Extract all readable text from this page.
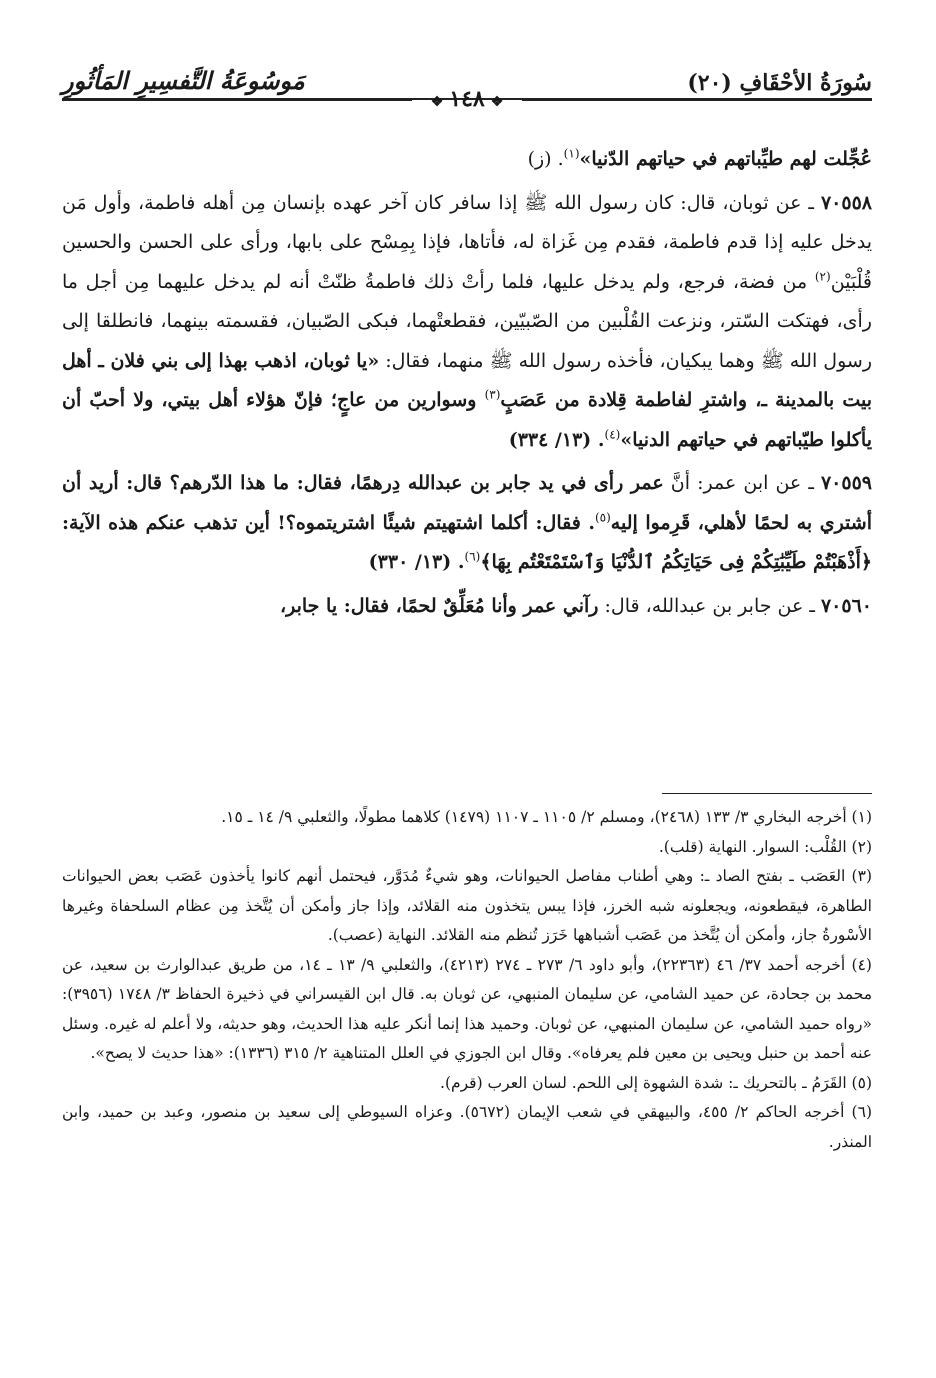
سُورَةُ الأحْقَافِ (٢٠)
مَوسُوعَةُ التَّفسِيرِ المَأثُورِ
❖١٤٨❖

عُجِّلت لهم طيِّباتهم في حياتهم الدّنيا»$^{(١)}$. (ز)

٧٠٥٥٨ ـ عن ثوبان، قال: كان رسول الله ﷺ إذا سافر كان آخر عهده بإنسان مِن أهله فاطمة، وأول مَن يدخل عليه إذا قدم فاطمة، فقدم مِن غَزاة له، فأتاها، فإذا بِمِسْح على بابها، ورأى على الحسن والحسين قُلْبَيْن$^{(٢)}$ من فضة، فرجع، ولم يدخل عليها، فلما رأتْ ذلك فاطمةُ ظنّتْ أنه لم يدخل عليهما مِن أجل ما رأى، فهتكت السّتر، ونزعت القُلْبين من الصّبيّين، فقطعتْهما، فبكى الصّبيان، فقسمته بينهما، فانطلقا إلى رسول الله ﷺ وهما يبكيان، فأخذه رسول الله ﷺ منهما، فقال: «يا ثوبان، اذهب بهذا إلى بني فلان ـ أهل بيت بالمدينة ـ، واشترِ لفاطمة قِلادة من عَصَبٍ$^{(٣)}$ وسوارين من عاجٍ؛ فإنّ هؤلاء أهل بيتي، ولا أحبّ أن يأكلوا طيّباتهم في حياتهم الدنيا»$^{(٤)}$. (١٣/ ٣٣٤)

٧٠٥٥٩ ـ عن ابن عمر: أنَّ عمر رأى في يد جابر بن عبدالله دِرهمًا، فقال: ما هذا الدّرهم؟ قال: أريد أن أشتري به لحمًا لأهلي، قَرِموا إليه$^{(٥)}$. فقال: أكلما اشتهيتم شيئًا اشتريتموه؟! أين تذهب عنكم هذه الآية: ﴿أَذْهَبْتُمْ طَيِّبَٰتِكُمْ فِى حَيَاتِكُمُ ٱلدُّنْيَا وَٱسْتَمْتَعْتُم بِهَا﴾$^{(٦)}$. (١٣/ ٣٣٠)

٧٠٥٦٠ ـ عن جابر بن عبدالله، قال: رآني عمر وأنا مُعَلِّقٌ لحمًا، فقال: يا جابر،

(١) أخرجه البخاري ٣/ ١٣٣ (٢٤٦٨)، ومسلم ٢/ ١١٠٥ ـ ١١٠٧ (١٤٧٩) كلاهما مطولًا، والثعلبي ٩/ ١٤ ـ ١٥.

(٢) القُلْب: السوار. النهاية (قلب).

(٣) العَصَب ـ بفتح الصاد ـ: وهي أطناب مفاصل الحيوانات، وهو شيءٌ مُدَوَّر، فيحتمل أنهم كانوا يأخذون عَصَب بعض الحيوانات الطاهرة، فيقطعونه، ويجعلونه شبه الخرز، فإذا يبس يتخذون منه القلائد، وإذا جاز وأمكن أن يُتَّخذ مِن عظام السلحفاة وغيرها الأسْورةُ جاز، وأمكن أن يُتَّخذ من عَصَب أشباهها خَرَز تُنظم منه القلائد. النهاية (عصب).

(٤) أخرجه أحمد ٣٧/ ٤٦ (٢٢٣٦٣)، وأبو داود ٦/ ٢٧٣ ـ ٢٧٤ (٤٢١٣)، والثعلبي ٩/ ١٣ ـ ١٤، من طريق عبدالوارث بن سعيد، عن محمد بن جحادة، عن حميد الشامي، عن سليمان المنبهي، عن ثوبان به. قال ابن القيسراني في ذخيرة الحفاظ ٣/ ١٧٤٨ (٣٩٥٦): «رواه حميد الشامي، عن سليمان المنبهي، عن ثوبان. وحميد هذا إنما أنكر عليه هذا الحديث، وهو حديثه، ولا أعلم له غيره. وسئل عنه أحمد بن حنبل ويحيى بن معين فلم يعرفاه». وقال ابن الجوزي في العلل المتناهية ٢/ ٣١٥ (١٣٣٦): «هذا حديث لا يصح».

(٥) القَرَمُ ـ بالتحريك ـ: شدة الشهوة إلى اللحم. لسان العرب (قرم).

(٦) أخرجه الحاكم ٢/ ٤٥٥، والبيهقي في شعب الإيمان (٥٦٧٢). وعزاه السيوطي إلى سعيد بن منصور، وعبد بن حميد، وابن المنذر.
